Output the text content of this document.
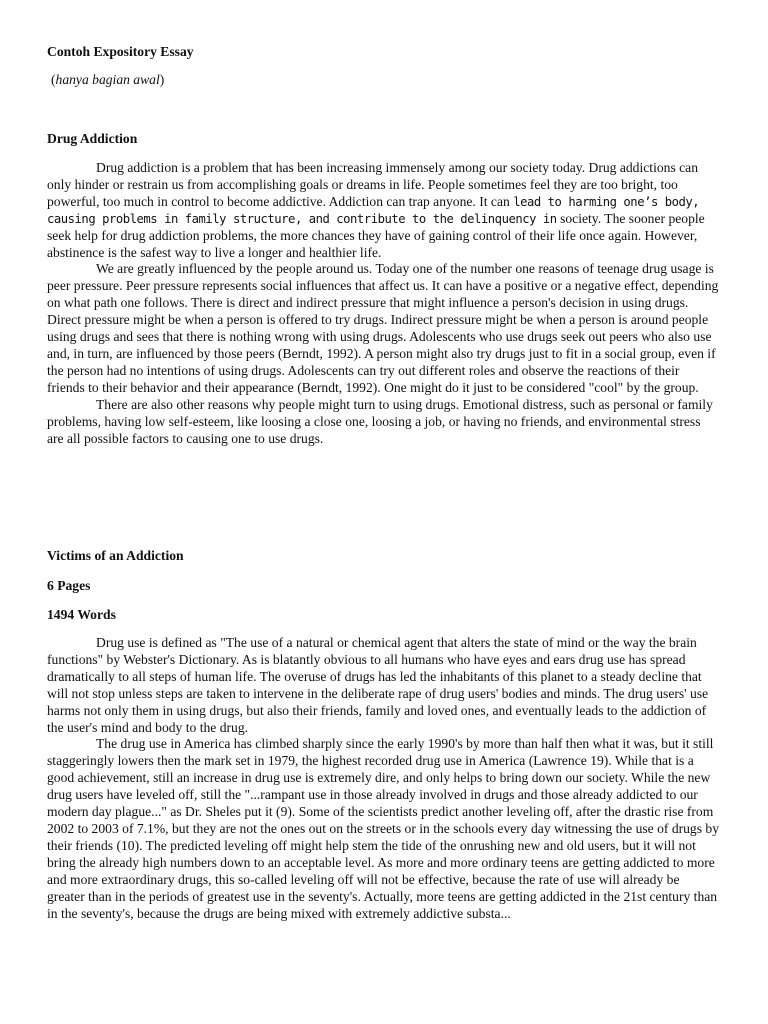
Contoh Expository Essay
(hanya bagian awal)
Drug Addiction

Drug addiction is a problem that has been increasing immensely among our society today. Drug addictions can only hinder or restrain us from accomplishing goals or dreams in life. People sometimes feel they are too bright, too powerful, too much in control to become addictive. Addiction can trap anyone. It can lead to harming one’s body, causing problems in family structure, and contribute to the delinquency in society. The sooner people seek help for drug addiction problems, the more chances they have of gaining control of their life once again. However, abstinence is the safest way to live a longer and healthier life.

We are greatly influenced by the people around us. Today one of the number one reasons of teenage drug usage is peer pressure. Peer pressure represents social influences that affect us. It can have a positive or a negative effect, depending on what path one follows. There is direct and indirect pressure that might influence a person's decision in using drugs. Direct pressure might be when a person is offered to try drugs. Indirect pressure might be when a person is around people using drugs and sees that there is nothing wrong with using drugs. Adolescents who use drugs seek out peers who also use and, in turn, are influenced by those peers (Berndt, 1992). A person might also try drugs just to fit in a social group, even if the person had no intentions of using drugs. Adolescents can try out different roles and observe the reactions of their friends to their behavior and their appearance (Berndt, 1992). One might do it just to be considered "cool" by the group.

There are also other reasons why people might turn to using drugs. Emotional distress, such as personal or family problems, having low self-esteem, like loosing a close one, loosing a job, or having no friends, and environmental stress are all possible factors to causing one to use drugs.

Victims of an Addiction
6 Pages
1494 Words

Drug use is defined as "The use of a natural or chemical agent that alters the state of mind or the way the brain functions" by Webster's Dictionary. As is blatantly obvious to all humans who have eyes and ears drug use has spread dramatically to all steps of human life. The overuse of drugs has led the inhabitants of this planet to a steady decline that will not stop unless steps are taken to intervene in the deliberate rape of drug users' bodies and minds. The drug users' use harms not only them in using drugs, but also their friends, family and loved ones, and eventually leads to the addiction of the user's mind and body to the drug.

The drug use in America has climbed sharply since the early 1990's by more than half then what it was, but it still staggeringly lowers then the mark set in 1979, the highest recorded drug use in America (Lawrence 19). While that is a good achievement, still an increase in drug use is extremely dire, and only helps to bring down our society. While the new drug users have leveled off, still the "...rampant use in those already involved in drugs and those already addicted to our modern day plague..." as Dr. Sheles put it (9). Some of the scientists predict another leveling off, after the drastic rise from 2002 to 2003 of 7.1%, but they are not the ones out on the streets or in the schools every day witnessing the use of drugs by their friends (10). The predicted leveling off might help stem the tide of the onrushing new and old users, but it will not bring the already high numbers down to an acceptable level. As more and more ordinary teens are getting addicted to more and more extraordinary drugs, this so-called leveling off will not be effective, because the rate of use will already be greater than in the periods of greatest use in the seventy's. Actually, more teens are getting addicted in the 21st century than in the seventy's, because the drugs are being mixed with extremely addictive substa...
